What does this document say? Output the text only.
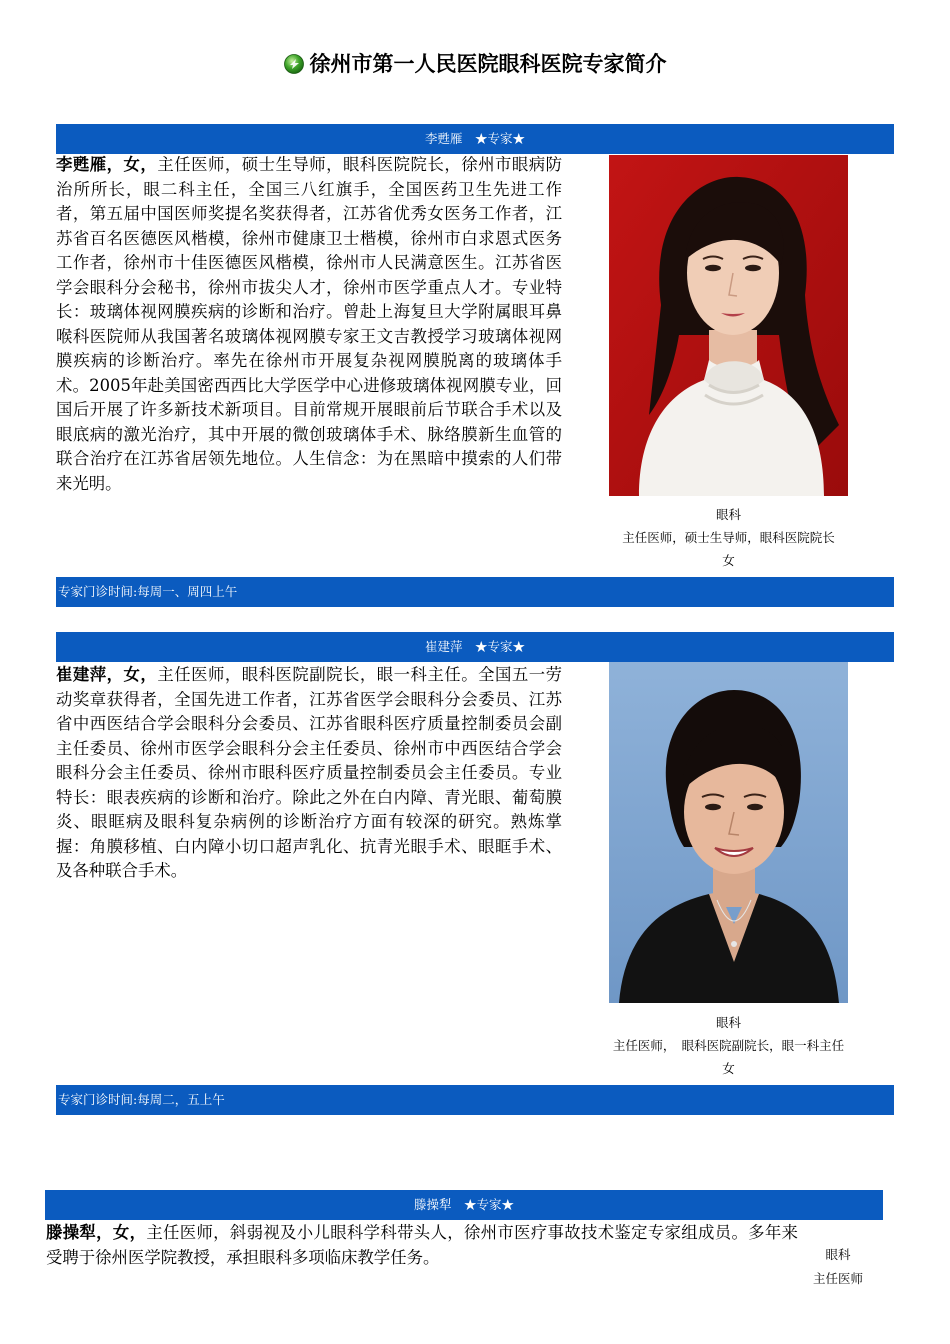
徐州市第一人民医院眼科医院专家简介
李甦雁　★专家★
李甦雁，女，主任医师，硕士生导师，眼科医院院长，徐州市眼病防治所所长，眼二科主任，全国三八红旗手，全国医药卫生先进工作者，第五届中国医师奖提名奖获得者，江苏省优秀女医务工作者，江苏省百名医德医风楷模，徐州市健康卫士楷模，徐州市白求恩式医务工作者，徐州市十佳医德医风楷模，徐州市人民满意医生。江苏省医学会眼科分会秘书，徐州市拔尖人才，徐州市医学重点人才。专业特长：玻璃体视网膜疾病的诊断和治疗。曾赴上海复旦大学附属眼耳鼻喉科医院师从我国著名玻璃体视网膜专家王文吉教授学习玻璃体视网膜疾病的诊断治疗。率先在徐州市开展复杂视网膜脱离的玻璃体手术。2005年赴美国密西西比大学医学中心进修玻璃体视网膜专业，回国后开展了许多新技术新项目。目前常规开展眼前后节联合手术以及眼底病的激光治疗，其中开展的微创玻璃体手术、脉络膜新生血管的联合治疗在江苏省居领先地位。人生信念：为在黑暗中摸索的人们带来光明。
眼科
主任医师，硕士生导师，眼科医院院长
女
专家门诊时间:每周一、周四上午
崔建萍　★专家★
崔建萍，女，主任医师，眼科医院副院长，眼一科主任。全国五一劳动奖章获得者，全国先进工作者，江苏省医学会眼科分会委员、江苏省中西医结合学会眼科分会委员、江苏省眼科医疗质量控制委员会副主任委员、徐州市医学会眼科分会主任委员、徐州市中西医结合学会眼科分会主任委员、徐州市眼科医疗质量控制委员会主任委员。专业特长：眼表疾病的诊断和治疗。除此之外在白内障、青光眼、葡萄膜炎、眼眶病及眼科复杂病例的诊断治疗方面有较深的研究。熟炼掌握：角膜移植、白内障小切口超声乳化、抗青光眼手术、眼眶手术、及各种联合手术。
眼科
主任医师，　眼科医院副院长，眼一科主任
女
专家门诊时间:每周二，五上午
滕操犁　★专家★
滕操犁，女，主任医师，斜弱视及小儿眼科学科带头人，徐州市医疗事故技术鉴定专家组成员。多年来受聘于徐州医学院教授，承担眼科多项临床教学任务。	眼科
主任医师
